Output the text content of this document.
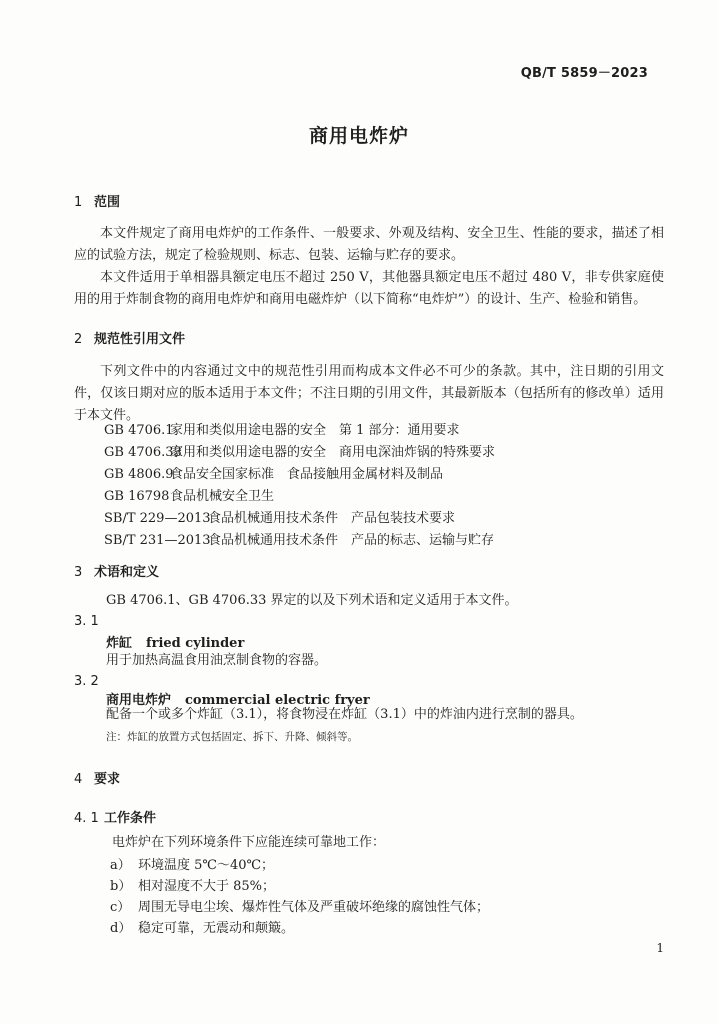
QB/T 5859－2023
商用电炸炉
1 范围

本文件规定了商用电炸炉的工作条件、一般要求、外观及结构、安全卫生、性能的要求，描述了相应的试验方法，规定了检验规则、标志、包装、运输与贮存的要求。

本文件适用于单相器具额定电压不超过 250 V，其他器具额定电压不超过 480 V，非专供家庭使用的用于炸制食物的商用电炸炉和商用电磁炸炉（以下简称“电炸炉”）的设计、生产、检验和销售。

2 规范性引用文件

下列文件中的内容通过文中的规范性引用而构成本文件必不可少的条款。其中，注日期的引用文件，仅该日期对应的版本适用于本文件；不注日期的引用文件，其最新版本（包括所有的修改单）适用于本文件。

GB 4706.1家用和类似用途电器的安全　第 1 部分：通用要求
GB 4706.33家用和类似用途电器的安全　商用电深油炸锅的特殊要求
GB 4806.9食品安全国家标准　食品接触用金属材料及制品
GB 16798食品机械安全卫生
SB/T 229—2013食品机械通用技术条件　产品包装技术要求
SB/T 231—2013食品机械通用技术条件　产品的标志、运输与贮存
3 术语和定义
GB 4706.1、GB 4706.33 界定的以及下列术语和定义适用于本文件。
3. 1
炸缸 fried cylinder
用于加热高温食用油烹制食物的容器。
3. 2
商用电炸炉 commercial electric fryer
配备一个或多个炸缸（3.1），将食物浸在炸缸（3.1）中的炸油内进行烹制的器具。
注：炸缸的放置方式包括固定、拆下、升降、倾斜等。
4 要求
4. 1 工作条件
电炸炉在下列环境条件下应能连续可靠地工作：
a） 环境温度 5℃～40℃；
b） 相对湿度不大于 85%；
c） 周围无导电尘埃、爆炸性气体及严重破坏绝缘的腐蚀性气体；
d） 稳定可靠，无震动和颠簸。
1
